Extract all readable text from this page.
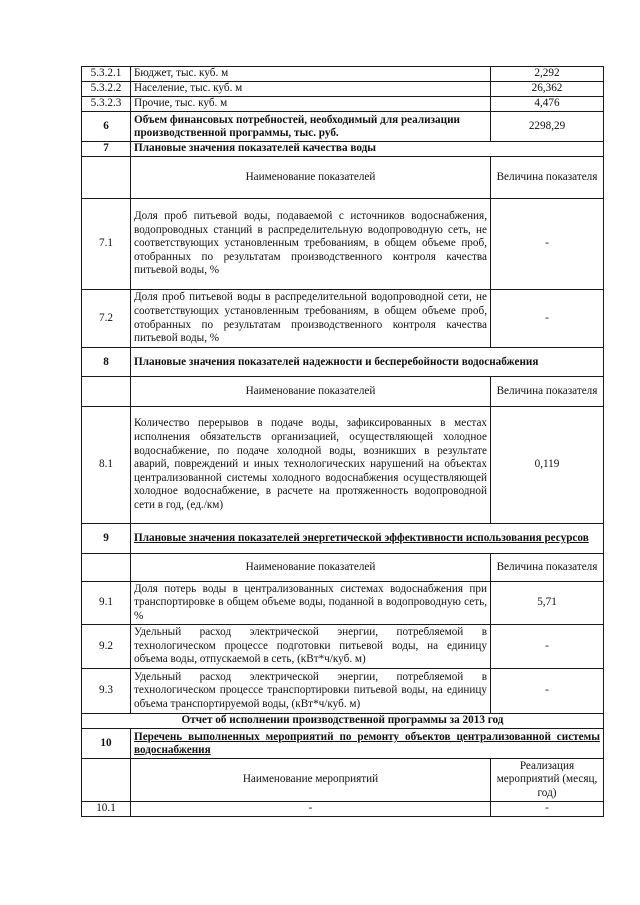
5.3.2.1	Бюджет, тыс. куб. м	2,292
5.3.2.2	Население, тыс. куб. м	26,362
5.3.2.3	Прочие, тыс. куб. м	4,476
6	Объем финансовых потребностей, необходимый для реализации производственной программы, тыс. руб.	2298,29
7	Плановые значения показателей качества воды	
	Наименование показателей	Величина показателя
7.1	Доля проб питьевой воды, подаваемой с источников водоснабжения, водопроводных станций в распределительную водопроводную сеть, не соответствующих установленным требованиям, в общем объеме проб, отобранных по результатам производственного контроля качества питьевой воды, %	-
7.2	Доля проб питьевой воды в распределительной водопроводной сети, не соответствующих установленным требованиям, в общем объеме проб, отобранных по результатам производственного контроля качества питьевой воды, %	-
8	Плановые значения показателей надежности и бесперебойности водоснабжения	
	Наименование показателей	Величина показателя
8.1	Количество перерывов в подаче воды, зафиксированных в местах исполнения обязательств организацией, осуществляющей холодное водоснабжение, по подаче холодной воды, возникших в результате аварий, повреждений и иных технологических нарушений на объектах централизованной системы холодного водоснабжения осуществляющей холодное водоснабжение, в расчете на протяженность водопроводной сети в год, (ед./км)	0,119
9	Плановые значения показателей энергетической эффективности использования ресурсов	
	Наименование показателей	Величина показателя
9.1	Доля потерь воды в централизованных системах водоснабжения при транспортировке в общем объеме воды, поданной в водопроводную сеть, %	5,71
9.2	Удельный расход электрической энергии, потребляемой в технологическом процессе подготовки питьевой воды, на единицу объема воды, отпускаемой в сеть, (кВт*ч/куб. м)	-
9.3	Удельный расход электрической энергии, потребляемой в технологическом процессе транспортировки питьевой воды, на единицу объема транспортируемой воды, (кВт*ч/куб. м)	-
Отчет об исполнении производственной программы за 2013 год		
10	Перечень выполненных мероприятий по ремонту объектов централизованной системы водоснабжения	
	Наименование мероприятий	Реализация мероприятий (месяц, год)
10.1	-	-
